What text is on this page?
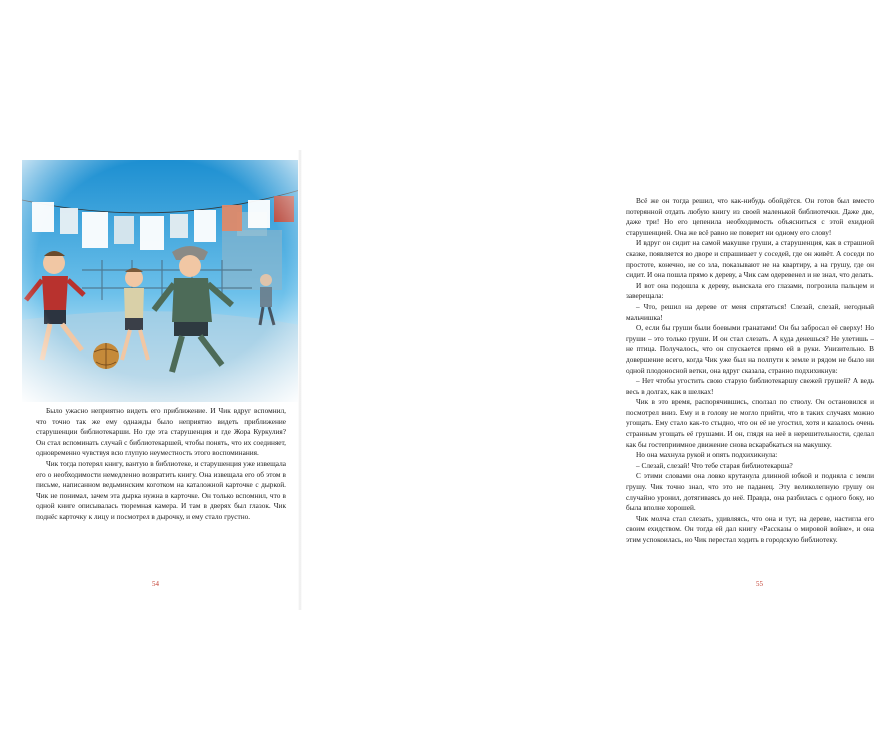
Было ужасно неприятно видеть его приближение. И Чик вдруг вспомнил, что точно так же ему однажды было неприятно видеть приближение старушенции библиотекарши. Но где эта старушенция и где Жора Куркулия? Он стал вспоминать случай с библиотекаршей, чтобы понять, что их соединяет, одновременно чувствуя всю глупую неуместность этого воспоминания.

Чик тогда потерял книгу, вантую в библиотеке, и старушенция уже извещала его о необходимости немедленно возвратить книгу. Она извещала его об этом в письме, написанном ведьминским коготком на каталожной карточке с дыркой. Чик не понимал, зачем эта дырка нужна в карточке. Он только вспомнил, что в одной книге описывалась тюремная камера. И там в дверях был глазок. Чик поднёс карточку к лицу и посмотрел в дырочку, и ему стало грустно.

54

Всё же он тогда решил, что как-нибудь обойдётся. Он готов был вместо потерянной отдать любую книгу из своей маленькой библиотечки. Даже две, даже три! Но его цепенила необходимость объясниться с этой ехидной старушенцией. Она же всё равно не поверит ни одному его слову!

И вдруг он сидит на самой макушке груши, а старушенция, как в страшной сказке, появляется во дворе и спрашивает у соседей, где он живёт. А соседи по простоте, конечно, не со зла, показывают не на квартиру, а на грушу, где он сидит. И она пошла прямо к дереву, а Чик сам одеревенел и не знал, что делать.

И вот она подошла к дереву, выискала его глазами, погрозила пальцем и заверещала:

– Что, решил на дереве от меня спрятаться! Слезай, слезай, негодный мальчишка!

О, если бы груши были боевыми гранатами! Он бы забросал её сверху! Но груши – это только груши. И он стал слезать. А куда денешься? Не улетишь – не птица. Получалось, что он спускается прямо ей в руки. Унизительно. В довершение всего, когда Чик уже был на полпути к земле и рядом не было ни одной плодоносной ветки, она вдруг сказала, странно подхихикнув:

– Нет чтобы угостить свою старую библиотекаршу свежей грушей? А ведь весь в долгах, как в шелках!

Чик в это время, распорячившись, сползал по стволу. Он остановился и посмотрел вниз. Ему и в голову не могло прийти, что в таких случаях можно угощать. Ему стало как-то стыдно, что он её не угостил, хотя и казалось очень странным угощать её грушами. И он, глядя на неё в нерешительности, сделал как бы гостеприимное движение снова вскарабкаться на макушку.

Но она махнула рукой и опять подхихикнула:

– Слезай, слезай! Что тебе старая библиотекарша?

С этими словами она ловко крутанула длинной юбкой и подняла с земли грушу. Чик точно знал, что это не паданец. Эту великолепную грушу он случайно уронил, дотягиваясь до неё. Правда, она разбилась с одного боку, но была вполне хорошей.

Чик молча стал слезать, удивляясь, что она и тут, на дереве, настигла его своим ехидством. Он тогда ей дал книгу «Рассказы о мировой войне», и она этим успокоилась, но Чик перестал ходить в городскую библиотеку.

55
